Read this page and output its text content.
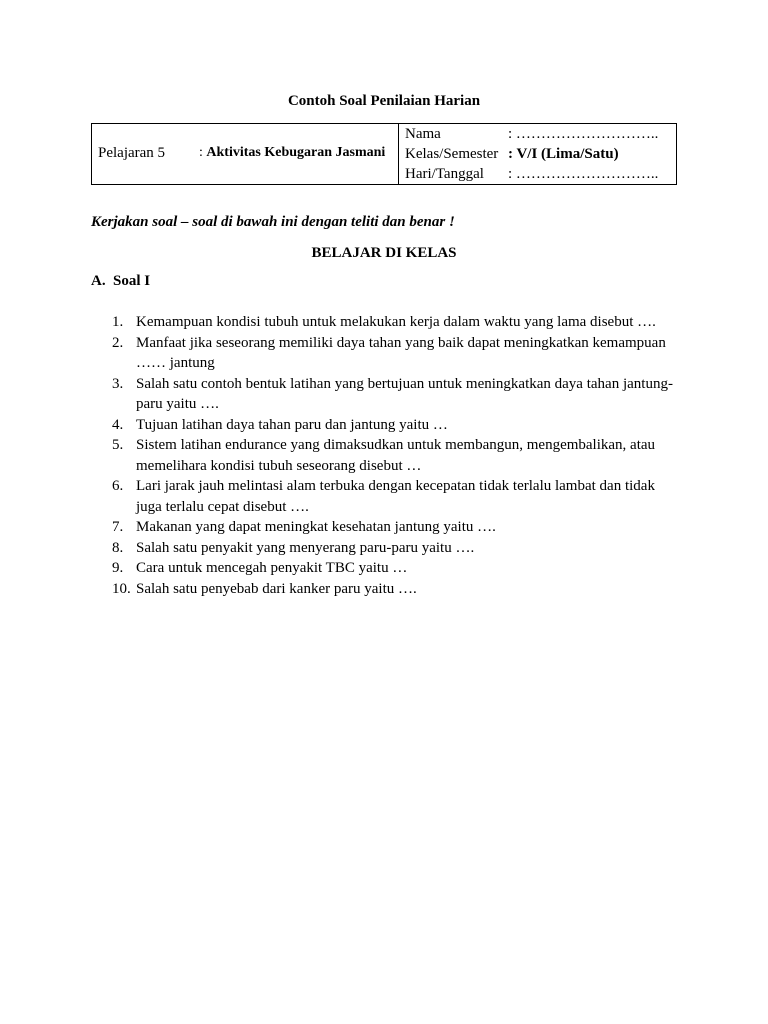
Contoh Soal Penilaian Harian
Pelajaran 5 : Aktivitas Kebugaran Jasmani

Nama	: ………………………..
Kelas/Semester : V/I (Lima/Satu)
Hari/Tanggal : ………………………..
Kerjakan soal – soal di bawah ini dengan teliti dan benar !
BELAJAR DI KELAS
A. Soal I
1. Kemampuan kondisi tubuh untuk melakukan kerja dalam waktu yang lama disebut ….
2. Manfaat jika seseorang memiliki daya tahan yang baik dapat meningkatkan kemampuan …… jantung
3. Salah satu contoh bentuk latihan yang bertujuan untuk meningkatkan daya tahan jantung-paru yaitu ….
4. Tujuan latihan daya tahan paru dan jantung yaitu …
5. Sistem latihan endurance yang dimaksudkan untuk membangun, mengembalikan, atau memelihara kondisi tubuh seseorang disebut …
6. Lari jarak jauh melintasi alam terbuka dengan kecepatan tidak terlalu lambat dan tidak juga terlalu cepat disebut ….
7. Makanan yang dapat meningkat kesehatan jantung yaitu ….
8. Salah satu penyakit yang menyerang paru-paru yaitu ….
9. Cara untuk mencegah penyakit TBC yaitu …
10. Salah satu penyebab dari kanker paru yaitu ….
